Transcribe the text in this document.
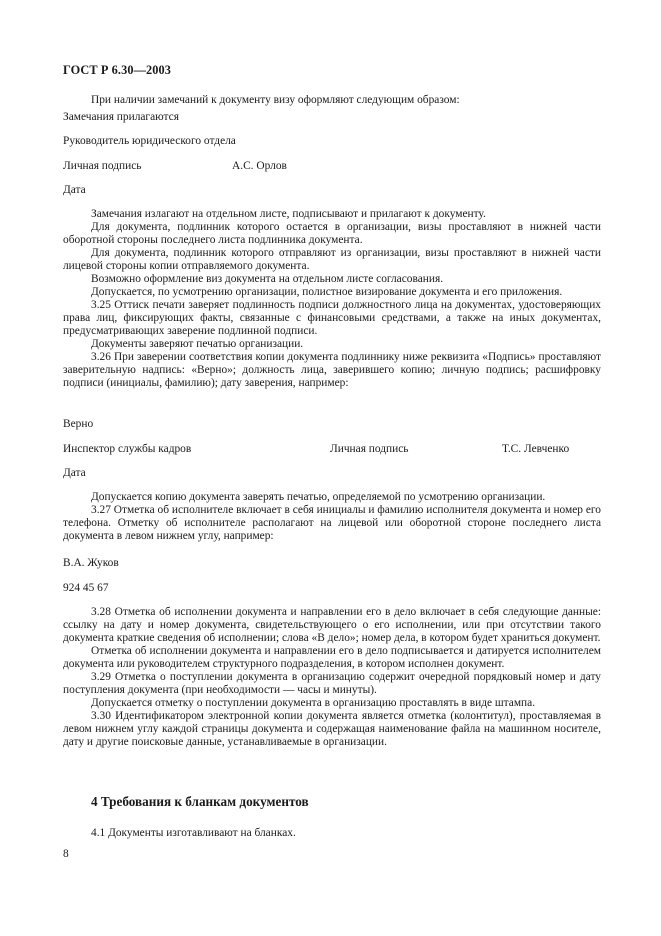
ГОСТ Р 6.30—2003

При наличии замечаний к документу визу оформляют следующим образом:

Замечания прилагаются
Руководитель юридического отдела
Личная подпись	А.С. Орлов
Дата

Замечания излагают на отдельном листе, подписывают и прилагают к документу.

Для документа, подлинник которого остается в организации, визы проставляют в нижней части оборотной стороны последнего листа подлинника документа.

Для документа, подлинник которого отправляют из организации, визы проставляют в нижней части лицевой стороны копии отправляемого документа.

Возможно оформление виз документа на отдельном листе согласования.

Допускается, по усмотрению организации, полистное визирование документа и его приложения.

3.25 Оттиск печати заверяет подлинность подписи должностного лица на документах, удостоверяющих права лиц, фиксирующих факты, связанные с финансовыми средствами, а также на иных документах, предусматривающих заверение подлинной подписи.

Документы заверяют печатью организации.

3.26 При заверении соответствия копии документа подлиннику ниже реквизита «Подпись» проставляют заверительную надпись: «Верно»; должность лица, заверившего копию; личную подпись; расшифровку подписи (инициалы, фамилию); дату заверения, например:

Верно
Инспектор службы кадров	Личная подпись	Т.С. Левченко
Дата

Допускается копию документа заверять печатью, определяемой по усмотрению организации.

3.27 Отметка об исполнителе включает в себя инициалы и фамилию исполнителя документа и номер его телефона. Отметку об исполнителе располагают на лицевой или оборотной стороне последнего листа документа в левом нижнем углу, например:

В.А. Жуков
924 45 67

3.28 Отметка об исполнении документа и направлении его в дело включает в себя следующие данные: ссылку на дату и номер документа, свидетельствующего о его исполнении, или при отсутствии такого документа краткие сведения об исполнении; слова «В дело»; номер дела, в котором будет храниться документ.

Отметка об исполнении документа и направлении его в дело подписывается и датируется исполнителем документа или руководителем структурного подразделения, в котором исполнен документ.

3.29 Отметка о поступлении документа в организацию содержит очередной порядковый номер и дату поступления документа (при необходимости — часы и минуты).

Допускается отметку о поступлении документа в организацию проставлять в виде штампа.

3.30 Идентификатором электронной копии документа является отметка (колонтитул), проставляемая в левом нижнем углу каждой страницы документа и содержащая наименование файла на машинном носителе, дату и другие поисковые данные, устанавливаемые в организации.

4 Требования к бланкам документов
4.1 Документы изготавливают на бланках.
8
